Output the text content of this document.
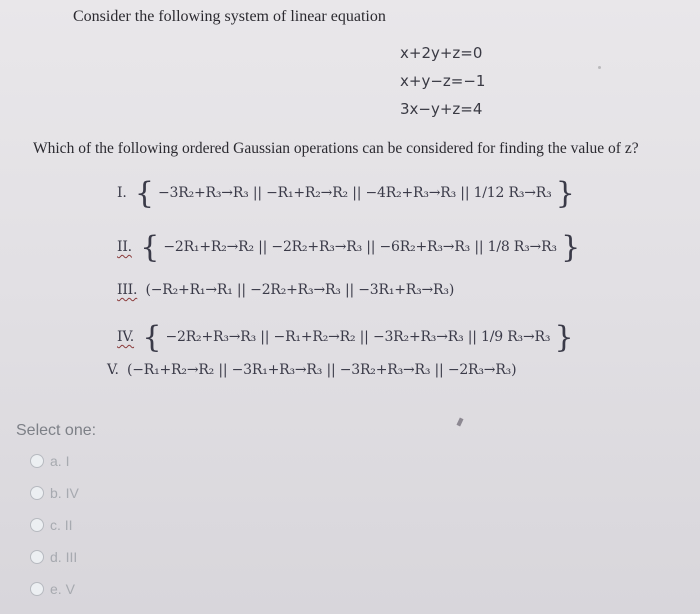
Consider the following system of linear equation
x+2y+z=0
x+y−z=−1
3x−y+z=4
Which of the following ordered Gaussian operations can be considered for finding the value of z?
I. { −3R₂+R₃→R₃ || −R₁+R₂→R₂ || −4R₂+R₃→R₃ || 1/12 R₃→R₃ }
II. { −2R₁+R₂→R₂ || −2R₂+R₃→R₃ || −6R₂+R₃→R₃ || 1/8 R₃→R₃ }
III. (−R₂+R₁→R₁ || −2R₂+R₃→R₃ || −3R₁+R₃→R₃)
IV. { −2R₂+R₃→R₃ || −R₁+R₂→R₂ || −3R₂+R₃→R₃ || 1/9 R₃→R₃ }
V. (−R₁+R₂→R₂ || −3R₁+R₃→R₃ || −3R₂+R₃→R₃ || −2R₃→R₃)
Select one:
a. I
b. IV
c. II
d. III
e. V
